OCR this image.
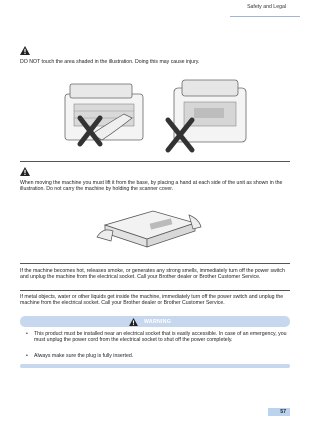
Safety and Legal
DO NOT touch the area shaded in the illustration. Doing this may cause injury.
When moving the machine you must lift it from the base, by placing a hand at each side of the unit as shown in the illustration. Do not carry the machine by holding the scanner cover.
If the machine becomes hot, releases smoke, or generates any strong smells, immediately turn off the power switch and unplug the machine from the electrical socket. Call your Brother dealer or Brother Customer Service.
If metal objects, water or other liquids get inside the machine, immediately turn off the power switch and unplug the machine from the electrical socket. Call your Brother dealer or Brother Customer Service.
WARNING
• This product must be installed near an electrical socket that is easily accessible. In case of an emergency, you must unplug the power cord from the electrical socket to shut off the power completely.
• Always make sure the plug is fully inserted.
57
